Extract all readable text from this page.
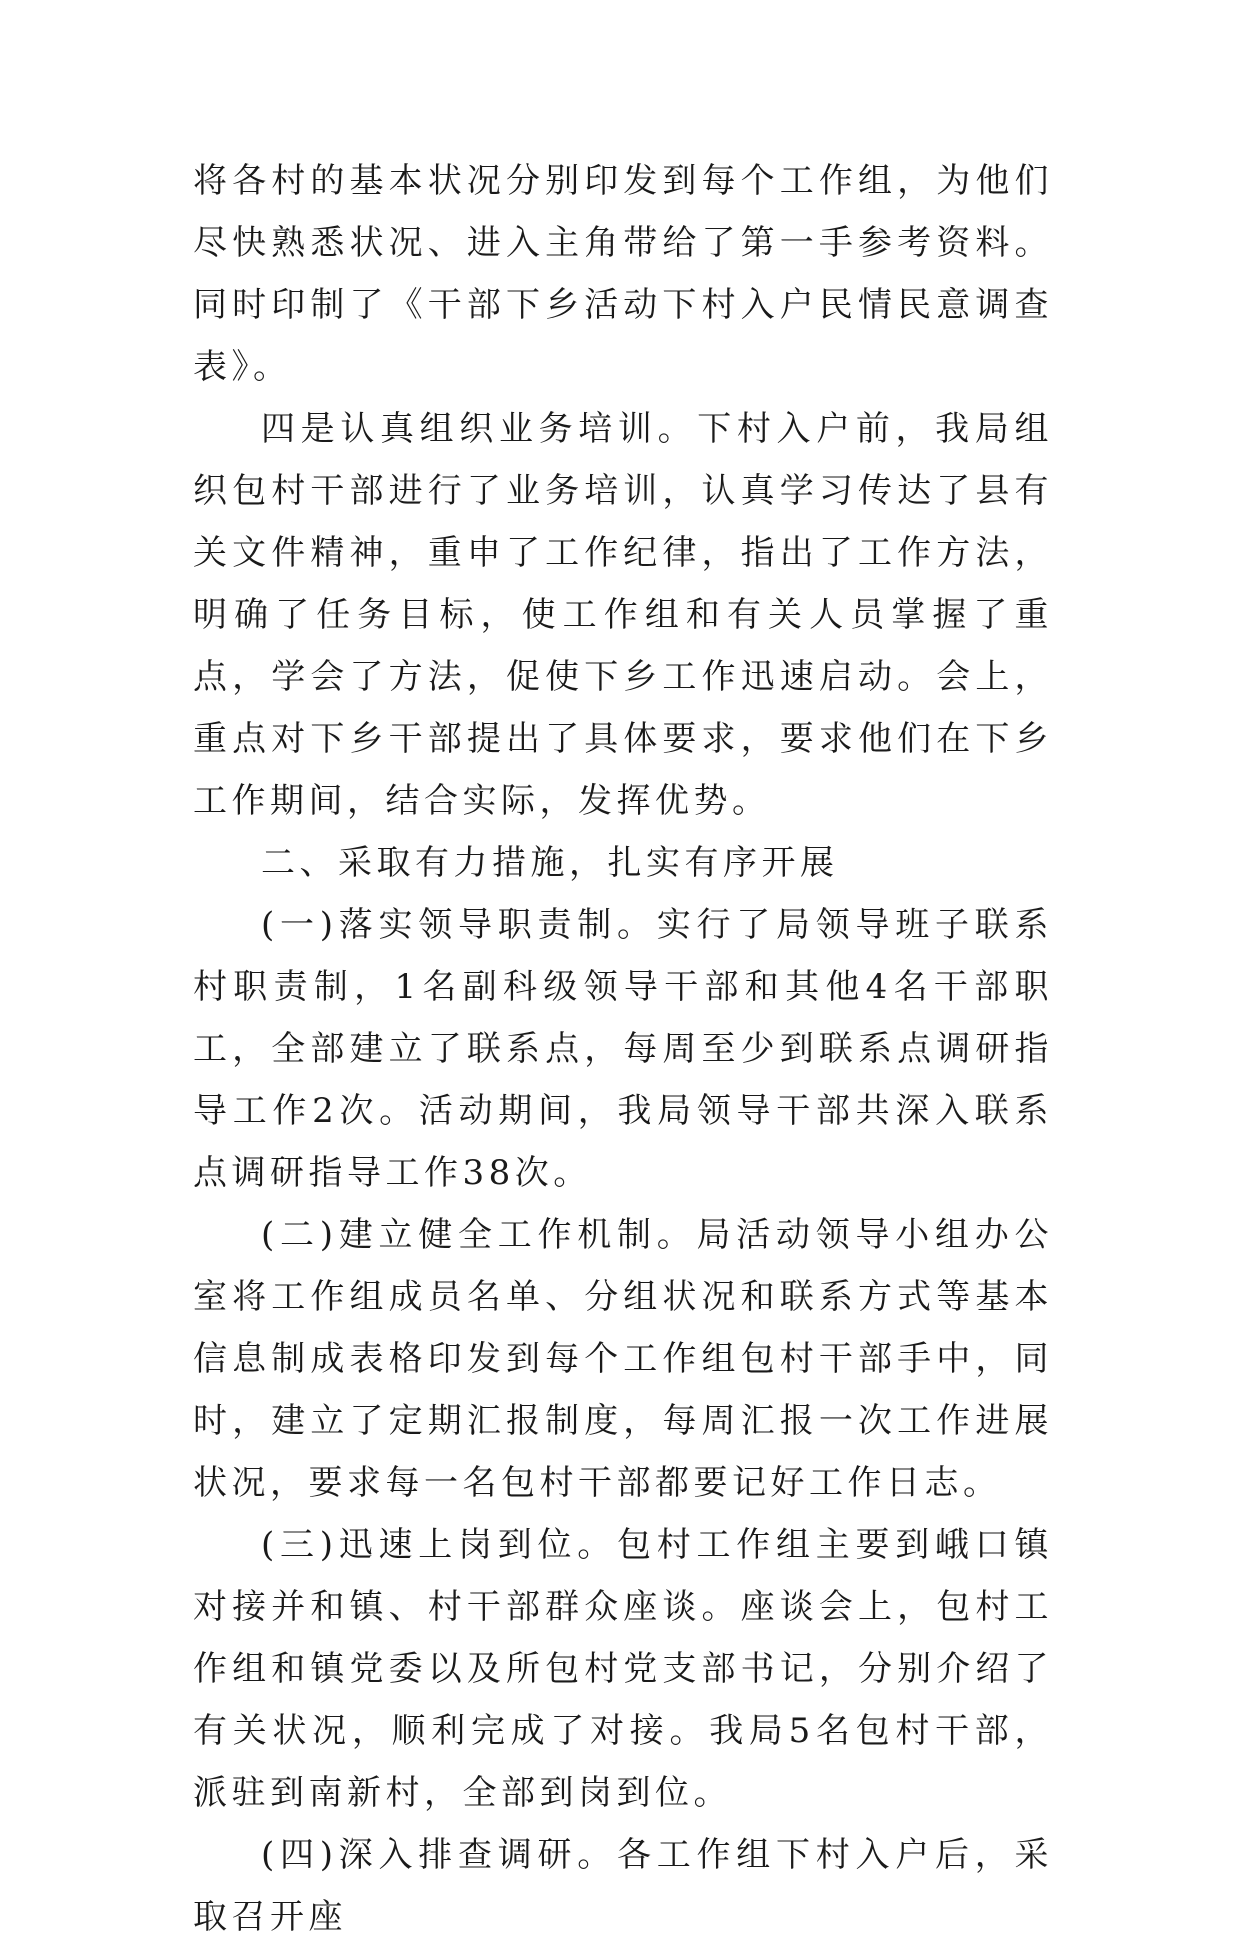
将各村的基本状况分别印发到每个工作组，为他们尽快熟悉状况、进入主角带给了第一手参考资料。同时印制了《干部下乡活动下村入户民情民意调查表》。

四是认真组织业务培训。下村入户前，我局组织包村干部进行了业务培训，认真学习传达了县有关文件精神，重申了工作纪律，指出了工作方法，明确了任务目标，使工作组和有关人员掌握了重点，学会了方法，促使下乡工作迅速启动。会上，重点对下乡干部提出了具体要求，要求他们在下乡工作期间，结合实际，发挥优势。

二、采取有力措施，扎实有序开展

(一)落实领导职责制。实行了局领导班子联系村职责制，1名副科级领导干部和其他4名干部职工，全部建立了联系点，每周至少到联系点调研指导工作2次。活动期间，我局领导干部共深入联系点调研指导工作38次。

(二)建立健全工作机制。局活动领导小组办公室将工作组成员名单、分组状况和联系方式等基本信息制成表格印发到每个工作组包村干部手中，同时，建立了定期汇报制度，每周汇报一次工作进展状况，要求每一名包村干部都要记好工作日志。

(三)迅速上岗到位。包村工作组主要到峨口镇对接并和镇、村干部群众座谈。座谈会上，包村工作组和镇党委以及所包村党支部书记，分别介绍了有关状况，顺利完成了对接。我局5名包村干部，派驻到南新村，全部到岗到位。

(四)深入排查调研。各工作组下村入户后，采取召开座
